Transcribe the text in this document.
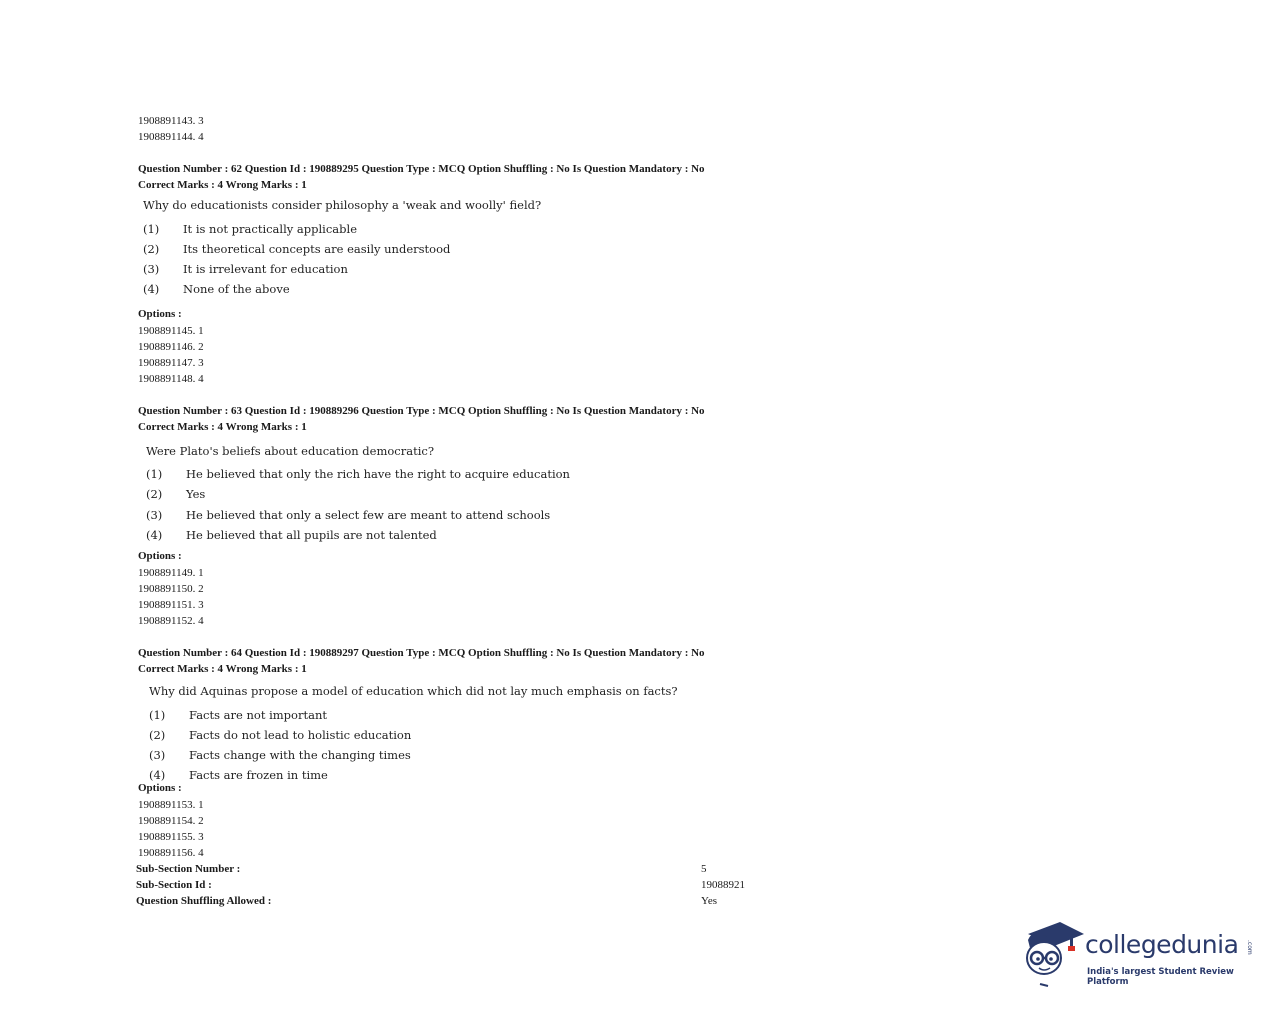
1908891143. 3
1908891144. 4
Question Number : 62 Question Id : 190889295 Question Type : MCQ Option Shuffling : No Is Question Mandatory : No
Correct Marks : 4 Wrong Marks : 1
Why do educationists consider philosophy a 'weak and woolly' field?
(1) It is not practically applicable
(2) Its theoretical concepts are easily understood
(3) It is irrelevant for education
(4) None of the above
Options :
1908891145. 1
1908891146. 2
1908891147. 3
1908891148. 4
Question Number : 63 Question Id : 190889296 Question Type : MCQ Option Shuffling : No Is Question Mandatory : No
Correct Marks : 4 Wrong Marks : 1
Were Plato's beliefs about education democratic?
(1) He believed that only the rich have the right to acquire education
(2) Yes
(3) He believed that only a select few are meant to attend schools
(4) He believed that all pupils are not talented
Options :
1908891149. 1
1908891150. 2
1908891151. 3
1908891152. 4
Question Number : 64 Question Id : 190889297 Question Type : MCQ Option Shuffling : No Is Question Mandatory : No
Correct Marks : 4 Wrong Marks : 1
Why did Aquinas propose a model of education which did not lay much emphasis on facts?
(1) Facts are not important
(2) Facts do not lead to holistic education
(3) Facts change with the changing times
(4) Facts are frozen in time
Options :
1908891153. 1
1908891154. 2
1908891155. 3
1908891156. 4
Sub-Section Number :	5
Sub-Section Id :	19088921
Question Shuffling Allowed :	Yes
collegedunia .com
India's largest Student Review Platform
